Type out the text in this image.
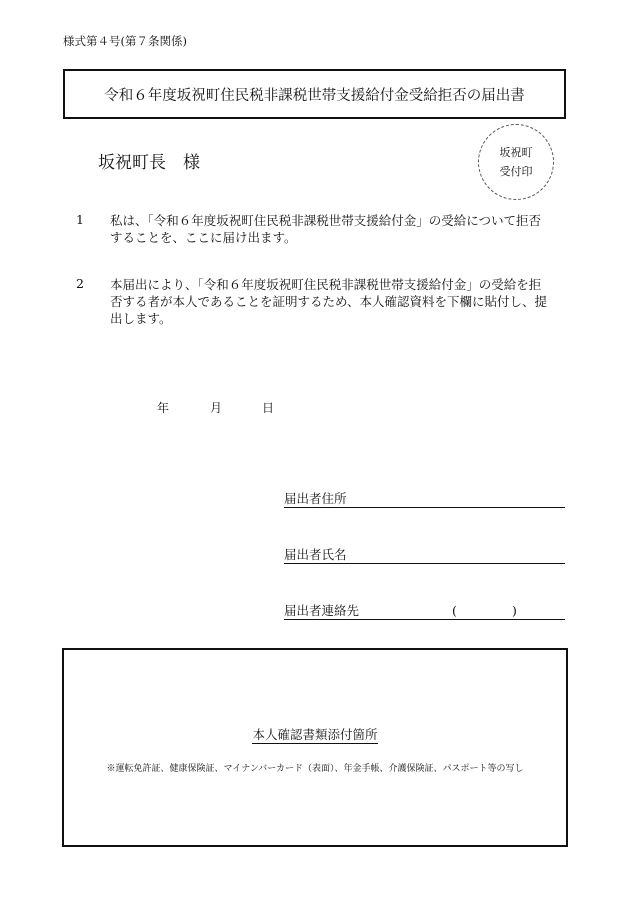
様式第４号(第７条関係)
令和６年度坂祝町住民税非課税世帯支援給付金受給拒否の届出書
坂祝町長　様
坂祝町
受付印
1 私は、「令和６年度坂祝町住民税非課税世帯支援給付金」の受給について拒否
することを、ここに届け出ます。
2 本届出により、「令和６年度坂祝町住民税非課税世帯支援給付金」の受給を拒
否する者が本人であることを証明するため、本人確認資料を下欄に貼付し、提
出します。
年	月	日
届出者住所
届出者氏名
届出者連絡先	(	)
本人確認書類添付箇所
※運転免許証、健康保険証、マイナンバーカード（表面）、年金手帳、介護保険証、パスポート等の写し
